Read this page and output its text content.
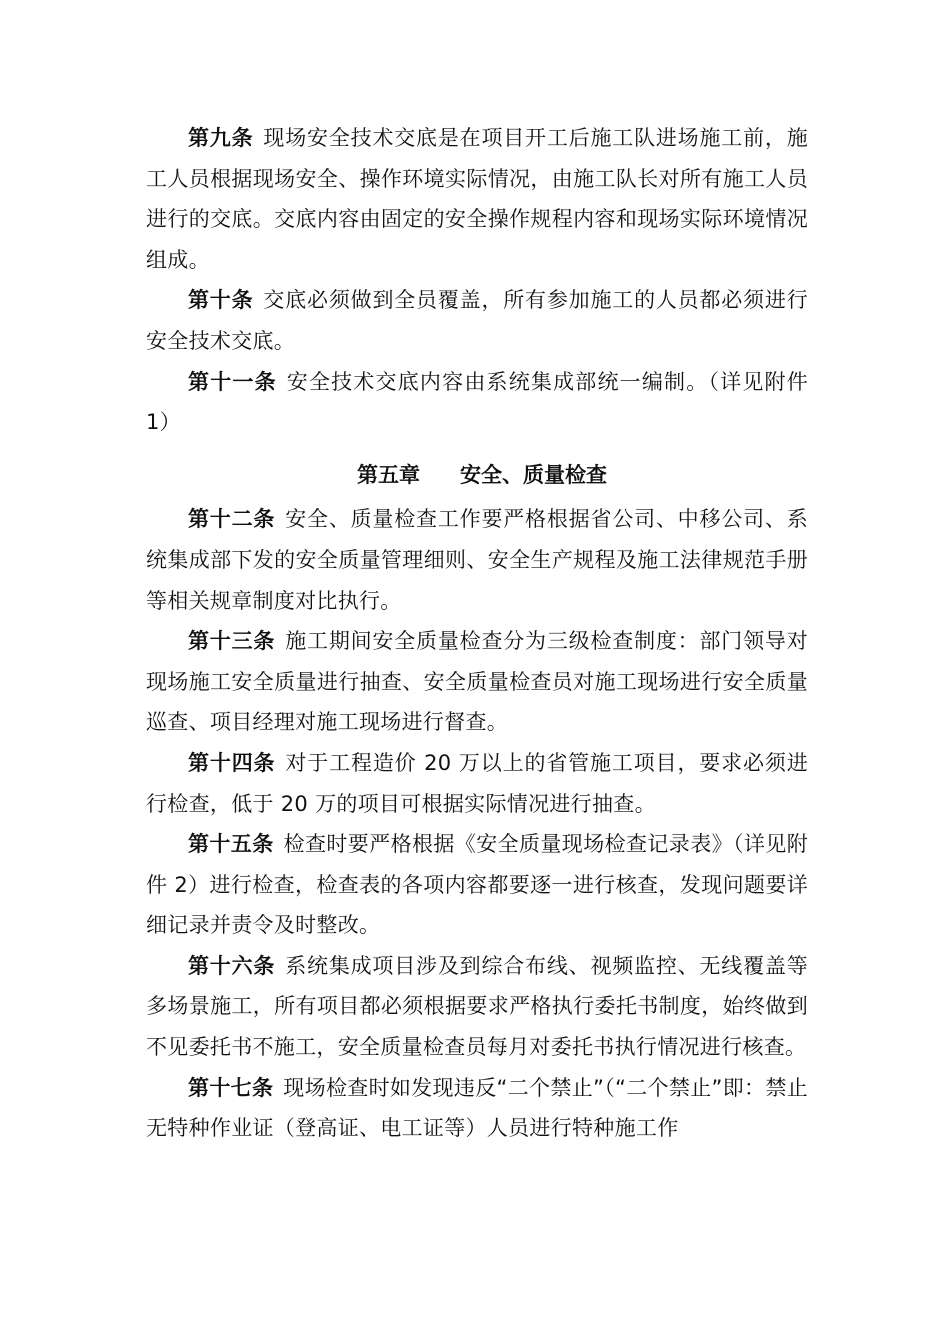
第九条 现场安全技术交底是在项目开工后施工队进场施工前，施工人员根据现场安全、操作环境实际情况，由施工队长对所有施工人员进行的交底。交底内容由固定的安全操作规程内容和现场实际环境情况组成。

第十条 交底必须做到全员覆盖，所有参加施工的人员都必须进行安全技术交底。

第十一条 安全技术交底内容由系统集成部统一编制。（详见附件 1）

第五章 安全、质量检查

第十二条 安全、质量检查工作要严格根据省公司、中移公司、系统集成部下发的安全质量管理细则、安全生产规程及施工法律规范手册等相关规章制度对比执行。

第十三条 施工期间安全质量检查分为三级检查制度：部门领导对现场施工安全质量进行抽查、安全质量检查员对施工现场进行安全质量巡查、项目经理对施工现场进行督查。

第十四条 对于工程造价 20 万以上的省管施工项目，要求必须进行检查，低于 20 万的项目可根据实际情况进行抽查。

第十五条 检查时要严格根据《安全质量现场检查记录表》（详见附件 2）进行检查，检查表的各项内容都要逐一进行核查，发现问题要详细记录并责令及时整改。

第十六条 系统集成项目涉及到综合布线、视频监控、无线覆盖等多场景施工，所有项目都必须根据要求严格执行委托书制度，始终做到不见委托书不施工，安全质量检查员每月对委托书执行情况进行核查。

第十七条 现场检查时如发现违反“二个禁止”（“二个禁止”即：禁止无特种作业证（登高证、电工证等）人员进行特种施工作
